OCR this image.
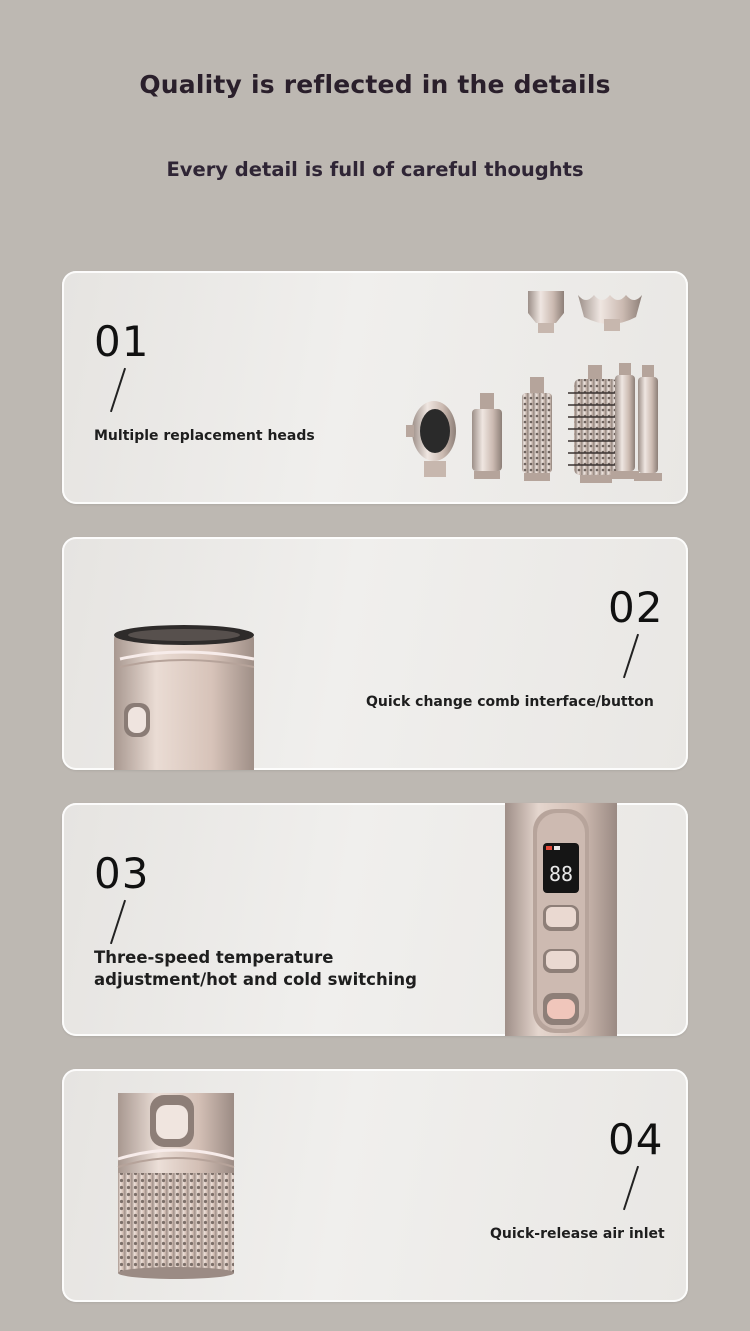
Quality is reflected in the details
Every detail is full of careful thoughts
01
Multiple replacement heads
02
Quick change comb interface/button
03
Three-speed temperature
adjustment/hot and cold switching
88
04
Quick-release air inlet
